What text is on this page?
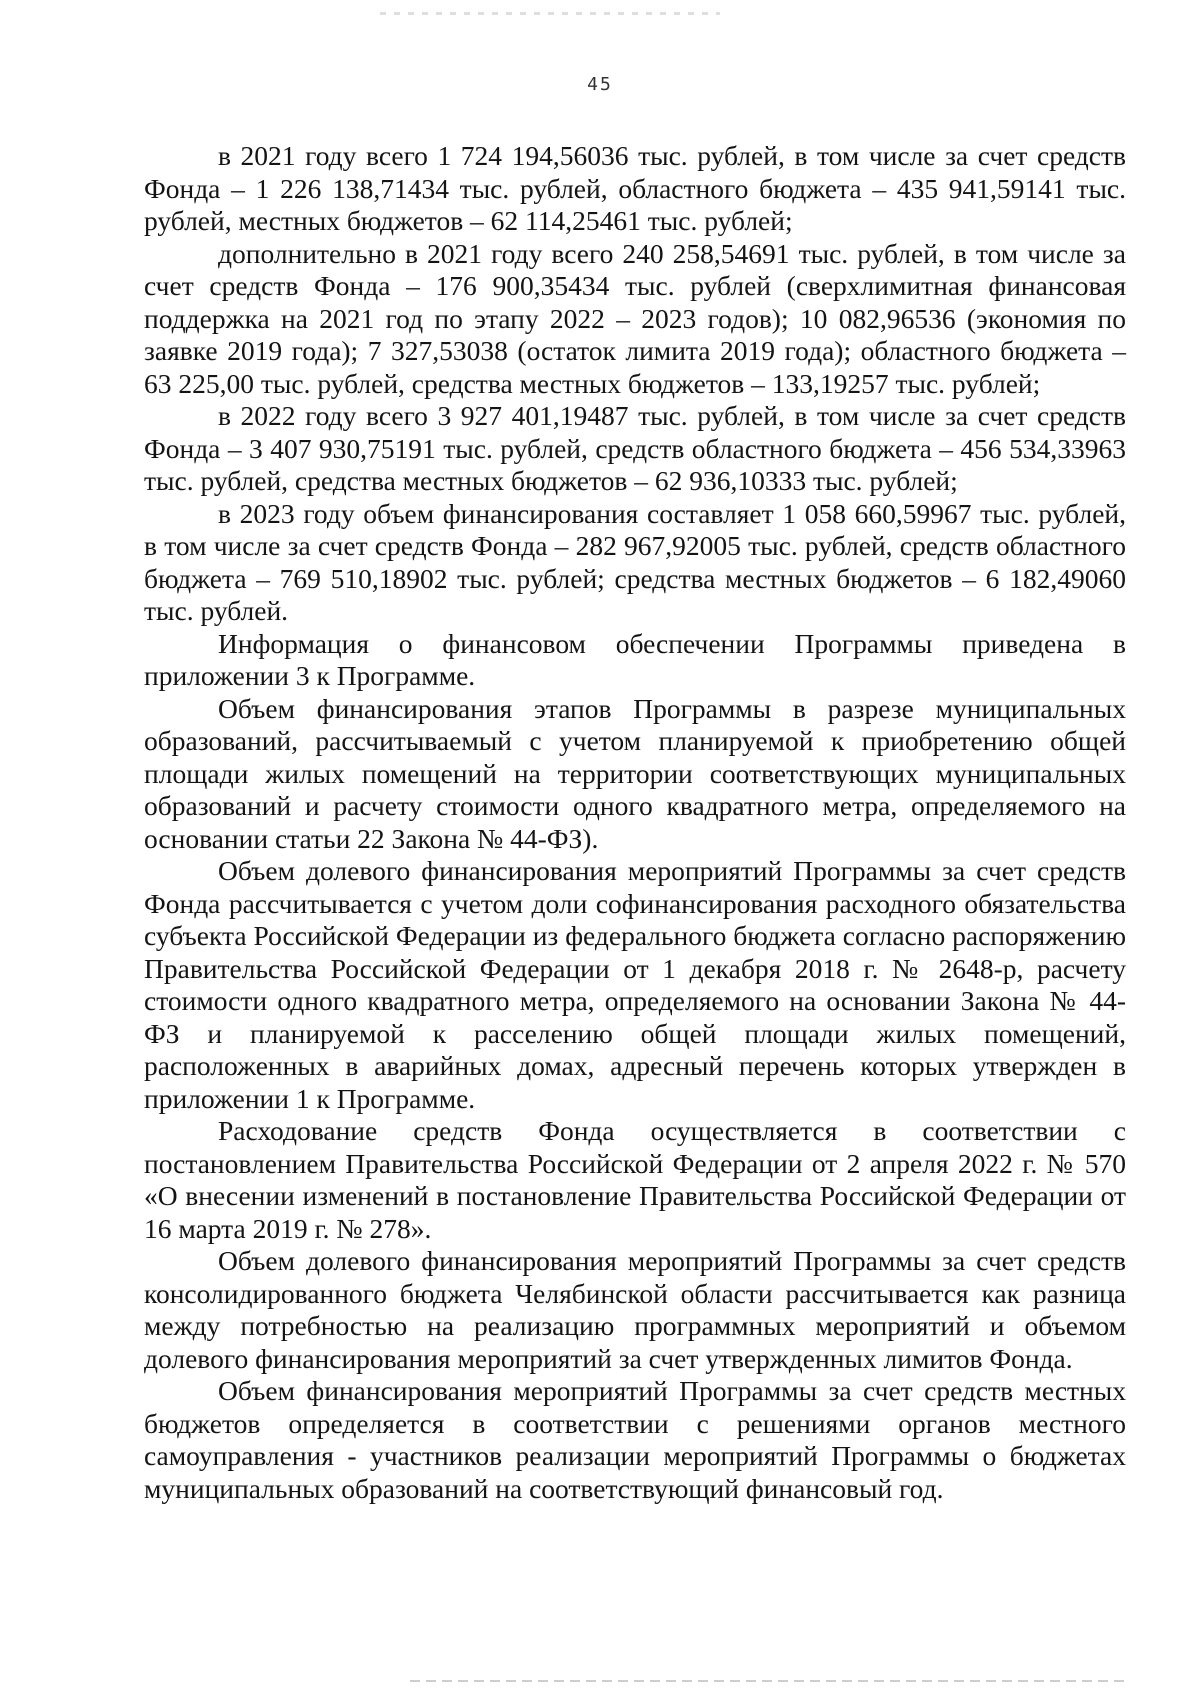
45

в 2021 году всего 1 724 194,56036 тыс. рублей, в том числе за счет средств Фонда – 1 226 138,71434 тыс. рублей, областного бюджета – 435 941,59141 тыс. рублей, местных бюджетов – 62 114,25461 тыс. рублей;

дополнительно в 2021 году всего 240 258,54691 тыс. рублей, в том числе за счет средств Фонда – 176 900,35434 тыс. рублей (сверхлимитная финансовая поддержка на 2021 год по этапу 2022 – 2023 годов); 10 082,96536 (экономия по заявке 2019 года); 7 327,53038 (остаток лимита 2019 года); областного бюджета – 63 225,00 тыс. рублей, средства местных бюджетов – 133,19257 тыс. рублей;

в 2022 году всего 3 927 401,19487 тыс. рублей, в том числе за счет средств Фонда – 3 407 930,75191 тыс. рублей, средств областного бюджета – 456 534,33963 тыс. рублей, средства местных бюджетов – 62 936,10333 тыс. рублей;

в 2023 году объем финансирования составляет 1 058 660,59967 тыс. рублей, в том числе за счет средств Фонда – 282 967,92005 тыс. рублей, средств областного бюджета – 769 510,18902 тыс. рублей; средства местных бюджетов – 6 182,49060 тыс. рублей.

Информация о финансовом обеспечении Программы приведена в приложении 3 к Программе.

Объем финансирования этапов Программы в разрезе муниципальных образований, рассчитываемый с учетом планируемой к приобретению общей площади жилых помещений на территории соответствующих муниципальных образований и расчету стоимости одного квадратного метра, определяемого на основании статьи 22 Закона № 44-ФЗ).

Объем долевого финансирования мероприятий Программы за счет средств Фонда рассчитывается с учетом доли софинансирования расходного обязательства субъекта Российской Федерации из федерального бюджета согласно распоряжению Правительства Российской Федерации от 1 декабря 2018 г. № 2648-р, расчету стоимости одного квадратного метра, определяемого на основании Закона № 44-ФЗ и планируемой к расселению общей площади жилых помещений, расположенных в аварийных домах, адресный перечень которых утвержден в приложении 1 к Программе.

Расходование средств Фонда осуществляется в соответствии с постановлением Правительства Российской Федерации от 2 апреля 2022 г. № 570 «О внесении изменений в постановление Правительства Российской Федерации от 16 марта 2019 г. № 278».

Объем долевого финансирования мероприятий Программы за счет средств консолидированного бюджета Челябинской области рассчитывается как разница между потребностью на реализацию программных мероприятий и объемом долевого финансирования мероприятий за счет утвержденных лимитов Фонда.

Объем финансирования мероприятий Программы за счет средств местных бюджетов определяется в соответствии с решениями органов местного самоуправления - участников реализации мероприятий Программы о бюджетах муниципальных образований на соответствующий финансовый год.
